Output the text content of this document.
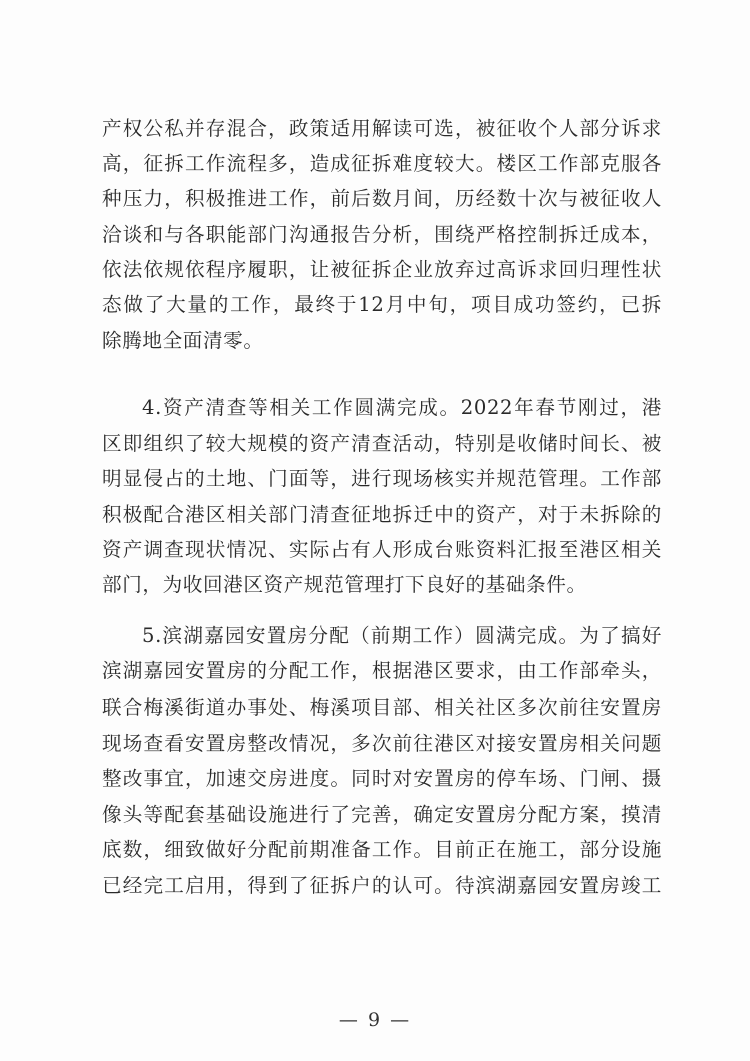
产权公私并存混合，政策适用解读可选，被征收个人部分诉求
高，征拆工作流程多，造成征拆难度较大。楼区工作部克服各
种压力，积极推进工作，前后数月间，历经数十次与被征收人
洽谈和与各职能部门沟通报告分析，围绕严格控制拆迁成本，
依法依规依程序履职，让被征拆企业放弃过高诉求回归理性状
态做了大量的工作，最终于12月中旬，项目成功签约，已拆
除腾地全面清零。
4.资产清查等相关工作圆满完成。2022年春节刚过，港
区即组织了较大规模的资产清查活动，特别是收储时间长、被
明显侵占的土地、门面等，进行现场核实并规范管理。工作部
积极配合港区相关部门清查征地拆迁中的资产，对于未拆除的
资产调查现状情况、实际占有人形成台账资料汇报至港区相关
部门，为收回港区资产规范管理打下良好的基础条件。
5.滨湖嘉园安置房分配（前期工作）圆满完成。为了搞好
滨湖嘉园安置房的分配工作，根据港区要求，由工作部牵头，
联合梅溪街道办事处、梅溪项目部、相关社区多次前往安置房
现场查看安置房整改情况，多次前往港区对接安置房相关问题
整改事宜，加速交房进度。同时对安置房的停车场、门闸、摄
像头等配套基础设施进行了完善，确定安置房分配方案，摸清
底数，细致做好分配前期准备工作。目前正在施工，部分设施
已经完工启用，得到了征拆户的认可。待滨湖嘉园安置房竣工
— 9 —
